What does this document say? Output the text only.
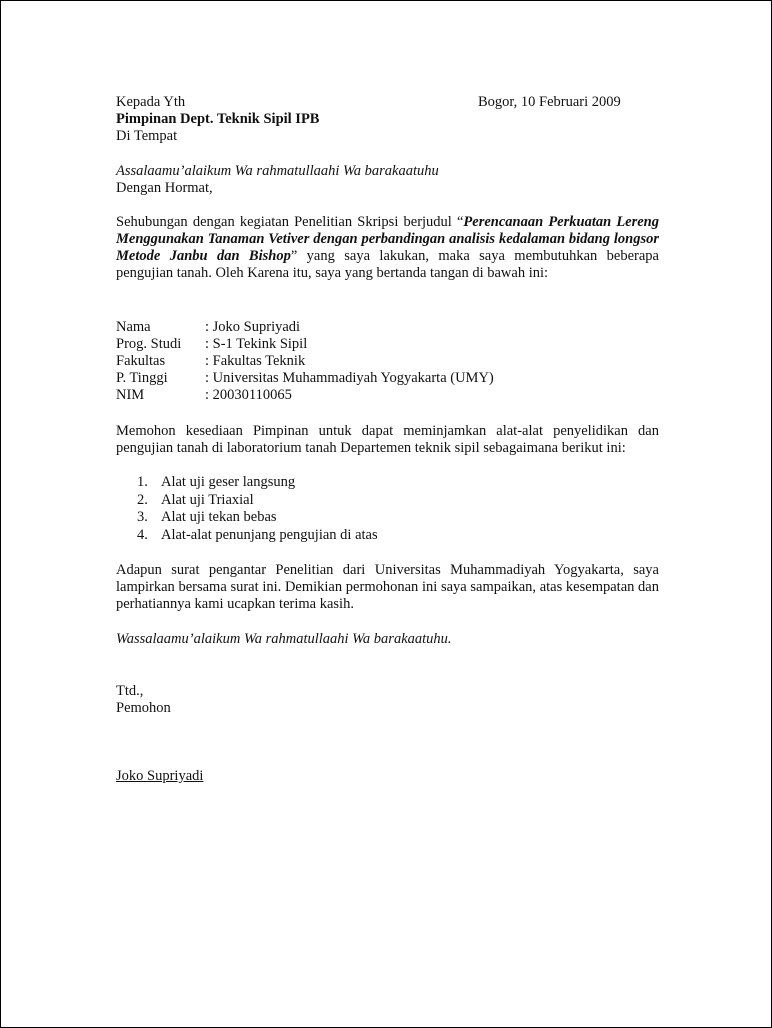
Kepada Yth
Pimpinan Dept. Teknik Sipil IPB
Di Tempat
Bogor, 10 Februari 2009
Assalaamu’alaikum Wa rahmatullaahi Wa barakaatuhu
Dengan Hormat,
Sehubungan dengan kegiatan Penelitian Skripsi berjudul “Perencanaan Perkuatan Lereng Menggunakan Tanaman Vetiver dengan perbandingan analisis kedalaman bidang longsor Metode Janbu dan Bishop” yang saya lakukan, maka saya membutuhkan beberapa pengujian tanah. Oleh Karena itu, saya yang bertanda tangan di bawah ini:
Nama	: Joko Supriyadi
Prog. Studi	: S-1 Tekink Sipil
Fakultas	: Fakultas Teknik
P. Tinggi	: Universitas Muhammadiyah Yogyakarta (UMY)
NIM	: 20030110065
Memohon kesediaan Pimpinan untuk dapat meminjamkan alat-alat penyelidikan dan pengujian tanah di laboratorium tanah Departemen teknik sipil sebagaimana berikut ini:
1. Alat uji geser langsung
2. Alat uji Triaxial
3. Alat uji tekan bebas
4. Alat-alat penunjang pengujian di atas
Adapun surat pengantar Penelitian dari Universitas Muhammadiyah Yogyakarta, saya lampirkan bersama surat ini. Demikian permohonan ini saya sampaikan, atas kesempatan dan perhatiannya kami ucapkan terima kasih.
Wassalaamu’alaikum Wa rahmatullaahi Wa barakaatuhu.
Ttd.,
Pemohon
Joko Supriyadi
